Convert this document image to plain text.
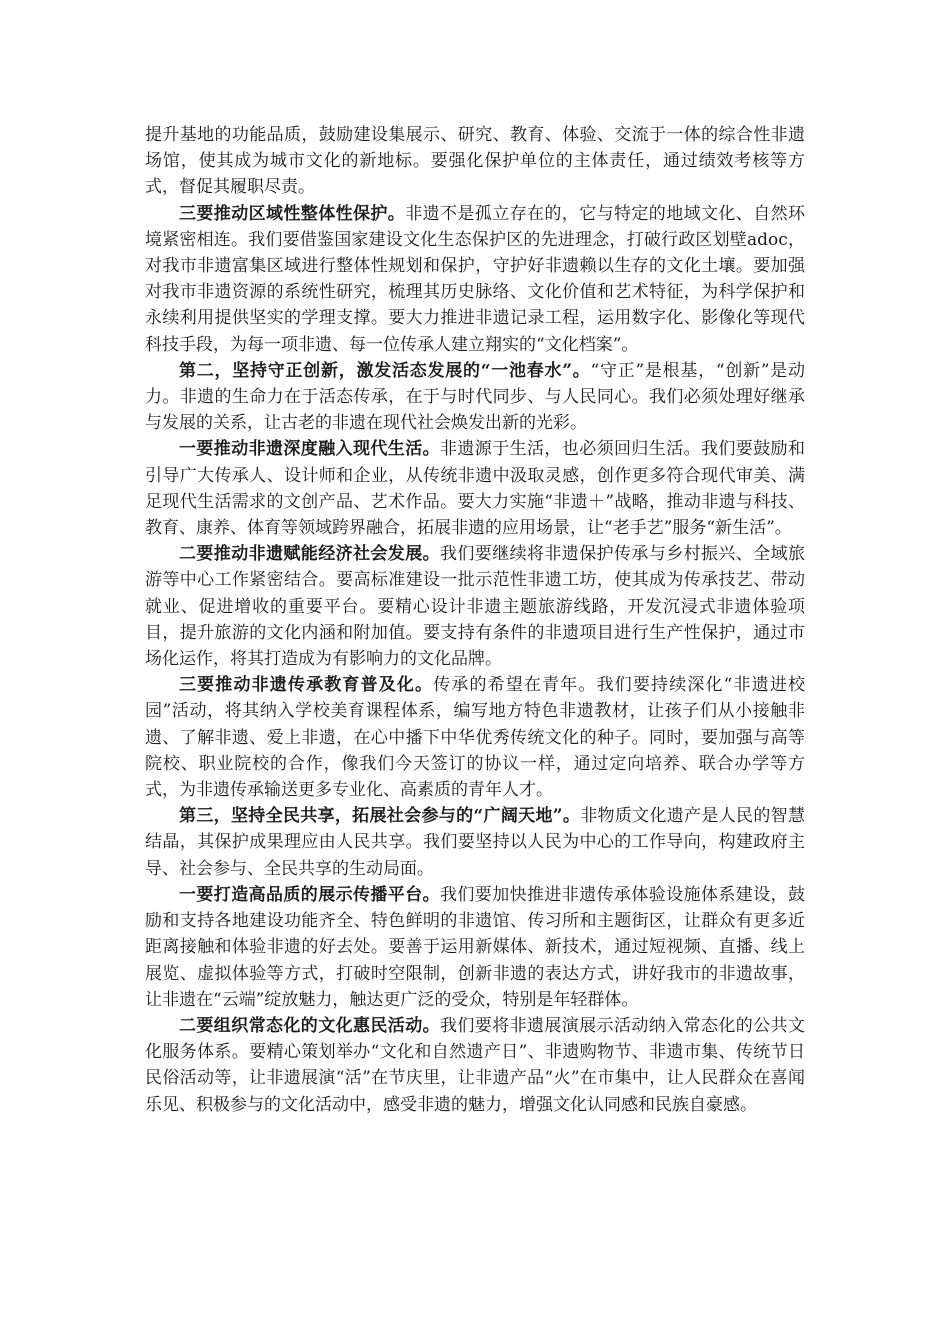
提升基地的功能品质，鼓励建设集展示、研究、教育、体验、交流于一体的综合性非遗场馆，使其成为城市文化的新地标。要强化保护单位的主体责任，通过绩效考核等方式，督促其履职尽责。

三要推动区域性整体性保护。非遗不是孤立存在的，它与特定的地域文化、自然环境紧密相连。我们要借鉴国家建设文化生态保护区的先进理念，打破行政区划壁adoc，对我市非遗富集区域进行整体性规划和保护，守护好非遗赖以生存的文化土壤。要加强对我市非遗资源的系统性研究，梳理其历史脉络、文化价值和艺术特征，为科学保护和永续利用提供坚实的学理支撑。要大力推进非遗记录工程，运用数字化、影像化等现代科技手段，为每一项非遗、每一位传承人建立翔实的“文化档案”。

第二，坚持守正创新，激发活态发展的“一池春水”。“守正”是根基，“创新”是动力。非遗的生命力在于活态传承，在于与时代同步、与人民同心。我们必须处理好继承与发展的关系，让古老的非遗在现代社会焕发出新的光彩。

一要推动非遗深度融入现代生活。非遗源于生活，也必须回归生活。我们要鼓励和引导广大传承人、设计师和企业，从传统非遗中汲取灵感，创作更多符合现代审美、满足现代生活需求的文创产品、艺术作品。要大力实施“非遗＋”战略，推动非遗与科技、教育、康养、体育等领域跨界融合，拓展非遗的应用场景，让“老手艺”服务“新生活”。

二要推动非遗赋能经济社会发展。我们要继续将非遗保护传承与乡村振兴、全域旅游等中心工作紧密结合。要高标准建设一批示范性非遗工坊，使其成为传承技艺、带动就业、促进增收的重要平台。要精心设计非遗主题旅游线路，开发沉浸式非遗体验项目，提升旅游的文化内涵和附加值。要支持有条件的非遗项目进行生产性保护，通过市场化运作，将其打造成为有影响力的文化品牌。

三要推动非遗传承教育普及化。传承的希望在青年。我们要持续深化“非遗进校园”活动，将其纳入学校美育课程体系，编写地方特色非遗教材，让孩子们从小接触非遗、了解非遗、爱上非遗，在心中播下中华优秀传统文化的种子。同时，要加强与高等院校、职业院校的合作，像我们今天签订的协议一样，通过定向培养、联合办学等方式，为非遗传承输送更多专业化、高素质的青年人才。

第三，坚持全民共享，拓展社会参与的“广阔天地”。非物质文化遗产是人民的智慧结晶，其保护成果理应由人民共享。我们要坚持以人民为中心的工作导向，构建政府主导、社会参与、全民共享的生动局面。

一要打造高品质的展示传播平台。我们要加快推进非遗传承体验设施体系建设，鼓励和支持各地建设功能齐全、特色鲜明的非遗馆、传习所和主题街区，让群众有更多近距离接触和体验非遗的好去处。要善于运用新媒体、新技术，通过短视频、直播、线上展览、虚拟体验等方式，打破时空限制，创新非遗的表达方式，讲好我市的非遗故事，让非遗在“云端”绽放魅力，触达更广泛的受众，特别是年轻群体。

二要组织常态化的文化惠民活动。我们要将非遗展演展示活动纳入常态化的公共文化服务体系。要精心策划举办“文化和自然遗产日”、非遗购物节、非遗市集、传统节日民俗活动等，让非遗展演“活”在节庆里，让非遗产品“火”在市集中，让人民群众在喜闻乐见、积极参与的文化活动中，感受非遗的魅力，增强文化认同感和民族自豪感。
